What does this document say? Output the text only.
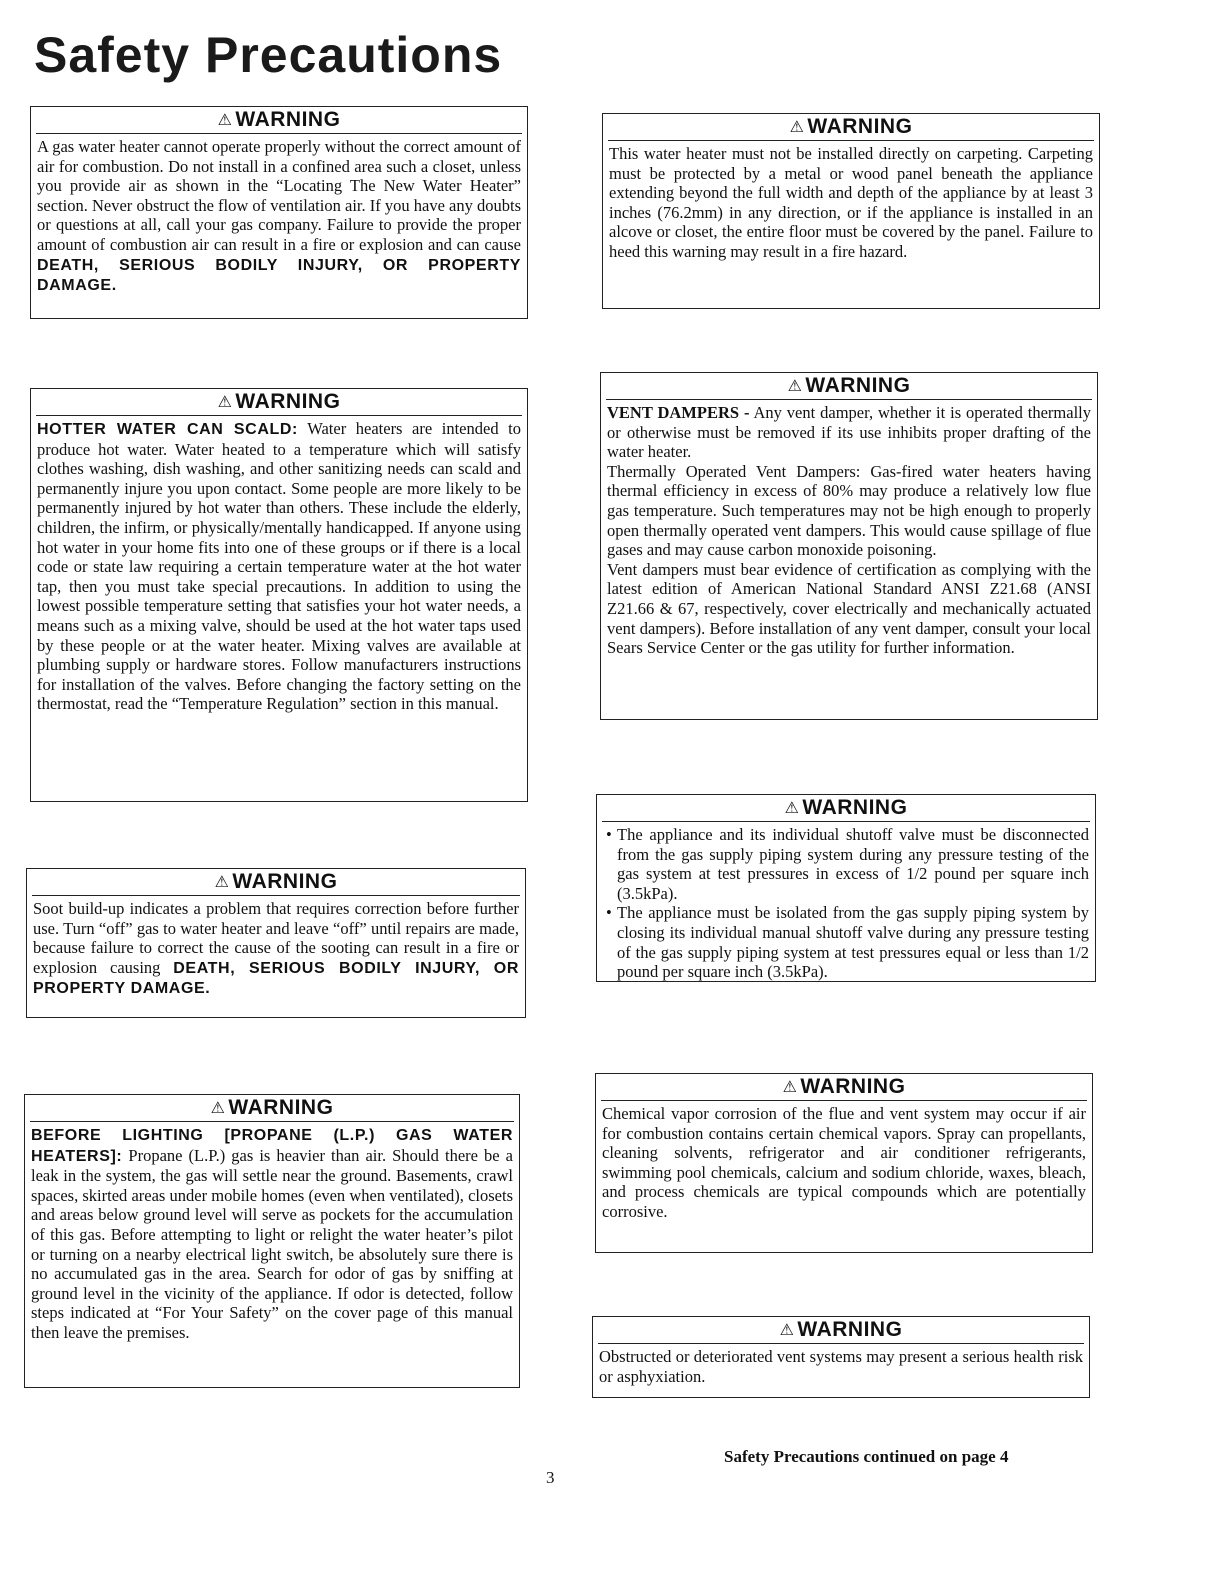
Safety Precautions
⚠ WARNING

A gas water heater cannot operate properly without the correct amount of air for combustion. Do not install in a confined area such a closet, unless you provide air as shown in the “Locating The New Water Heater” section. Never obstruct the flow of ventilation air. If you have any doubts or questions at all, call your gas company. Failure to provide the proper amount of combustion air can result in a fire or explosion and can cause DEATH, SERIOUS BODILY INJURY, OR PROPERTY DAMAGE.

⚠ WARNING

HOTTER WATER CAN SCALD: Water heaters are intended to produce hot water. Water heated to a temperature which will satisfy clothes washing, dish washing, and other sanitizing needs can scald and permanently injure you upon contact. Some people are more likely to be permanently injured by hot water than others. These include the elderly, children, the infirm, or physically/mentally handicapped. If anyone using hot water in your home fits into one of these groups or if there is a local code or state law requiring a certain temperature water at the hot water tap, then you must take special precautions. In addition to using the lowest possible temperature setting that satisfies your hot water needs, a means such as a mixing valve, should be used at the hot water taps used by these people or at the water heater. Mixing valves are available at plumbing supply or hardware stores. Follow manufacturers instructions for installation of the valves. Before changing the factory setting on the thermostat, read the “Temperature Regulation” section in this manual.

⚠ WARNING

Soot build-up indicates a problem that requires correction before further use. Turn “off” gas to water heater and leave “off” until repairs are made, because failure to correct the cause of the sooting can result in a fire or explosion causing DEATH, SERIOUS BODILY INJURY, OR PROPERTY DAMAGE.

⚠ WARNING

BEFORE LIGHTING [PROPANE (L.P.) GAS WATER HEATERS]: Propane (L.P.) gas is heavier than air. Should there be a leak in the system, the gas will settle near the ground. Basements, crawl spaces, skirted areas under mobile homes (even when ventilated), closets and areas below ground level will serve as pockets for the accumulation of this gas. Before attempting to light or relight the water heater’s pilot or turning on a nearby electrical light switch, be absolutely sure there is no accumulated gas in the area. Search for odor of gas by sniffing at ground level in the vicinity of the appliance. If odor is detected, follow steps indicated at “For Your Safety” on the cover page of this manual then leave the premises.

⚠ WARNING

This water heater must not be installed directly on carpeting. Carpeting must be protected by a metal or wood panel beneath the appliance extending beyond the full width and depth of the appliance by at least 3 inches (76.2mm) in any direction, or if the appliance is installed in an alcove or closet, the entire floor must be covered by the panel. Failure to heed this warning may result in a fire hazard.

⚠ WARNING
VENT DAMPERS - Any vent damper, whether it is operated thermally or otherwise must be removed if its use inhibits proper drafting of the water heater.
Thermally Operated Vent Dampers: Gas-fired water heaters having thermal efficiency in excess of 80% may produce a relatively low flue gas temperature. Such temperatures may not be high enough to properly open thermally operated vent dampers. This would cause spillage of flue gases and may cause carbon monoxide poisoning.
Vent dampers must bear evidence of certification as complying with the latest edition of American National Standard ANSI Z21.68 (ANSI Z21.66 & 67, respectively, cover electrically and mechanically actuated vent dampers). Before installation of any vent damper, consult your local Sears Service Center or the gas utility for further information.
⚠ WARNING
• The appliance and its individual shutoff valve must be disconnected from the gas supply piping system during any pressure testing of the gas system at test pressures in excess of 1/2 pound per square inch (3.5kPa).
• The appliance must be isolated from the gas supply piping system by closing its individual manual shutoff valve during any pressure testing of the gas supply piping system at test pressures equal or less than 1/2 pound per square inch (3.5kPa).
⚠ WARNING

Chemical vapor corrosion of the flue and vent system may occur if air for combustion contains certain chemical vapors. Spray can propellants, cleaning solvents, refrigerator and air conditioner refrigerants, swimming pool chemicals, calcium and sodium chloride, waxes, bleach, and process chemicals are typical compounds which are potentially corrosive.

⚠ WARNING

Obstructed or deteriorated vent systems may present a serious health risk or asphyxiation.

Safety Precautions continued on page 4

3
